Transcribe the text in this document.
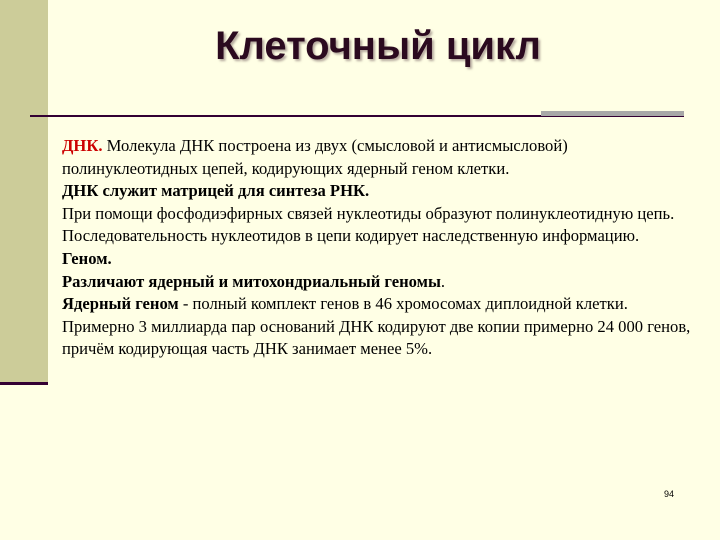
Клеточный цикл

ДНК. Молекула ДНК построена из двух (смысловой и антисмысловой) полинуклеотидных цепей, кодирующих ядерный геном клетки.

ДНК служит матрицей для синтеза РНК.

При помощи фосфодиэфирных связей нуклеотиды образуют полинуклеотидную цепь. Последовательность нуклеотидов в цепи кодирует наследственную информацию.

Геном.

Различают ядерный и митохондриальный геномы.

Ядерный геном - полный комплект генов в 46 хромосомах диплоидной клетки. Примерно 3 миллиарда пар оснований ДНК кодируют две копии примерно 24 000 генов, причём кодирующая часть ДНК занимает менее 5%.

94
